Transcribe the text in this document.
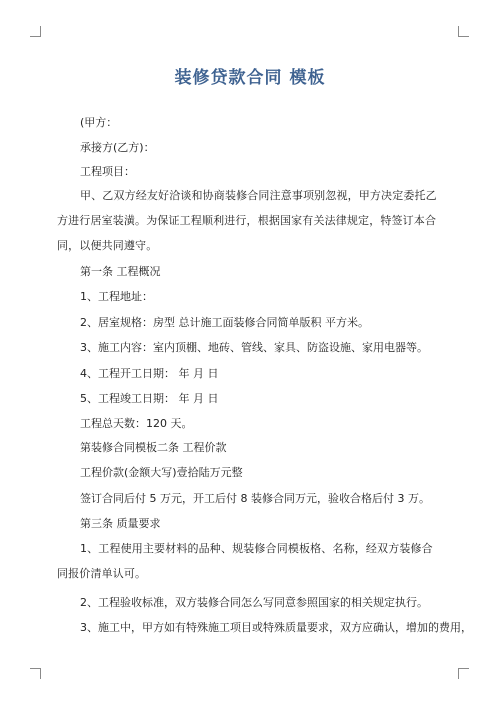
装修贷款合同 模板
(甲方：
承接方(乙方)：
工程项目：
甲、乙双方经友好洽谈和协商装修合同注意事项别忽视，甲方决定委托乙方进行居室装潢。为保证工程顺利进行，根据国家有关法律规定，特签订本合同，以便共同遵守。
第一条 工程概况
1、工程地址：
2、居室规格：房型 总计施工面装修合同简单版积 平方米。
3、施工内容：室内顶棚、地砖、管线、家具、防盗设施、家用电器等。
4、工程开工日期： 年 月 日
5、工程竣工日期： 年 月 日
工程总天数：120 天。
第装修合同模板二条 工程价款
工程价款(金额大写)壹拾陆万元整
签订合同后付 5 万元，开工后付 8 装修合同万元，验收合格后付 3 万。
第三条 质量要求
1、工程使用主要材料的品种、规装修合同模板格、名称，经双方装修合同报价清单认可。
2、工程验收标准，双方装修合同怎么写同意参照国家的相关规定执行。
3、施工中，甲方如有特殊施工项目或特殊质量要求，双方应确认，增加的费用，
